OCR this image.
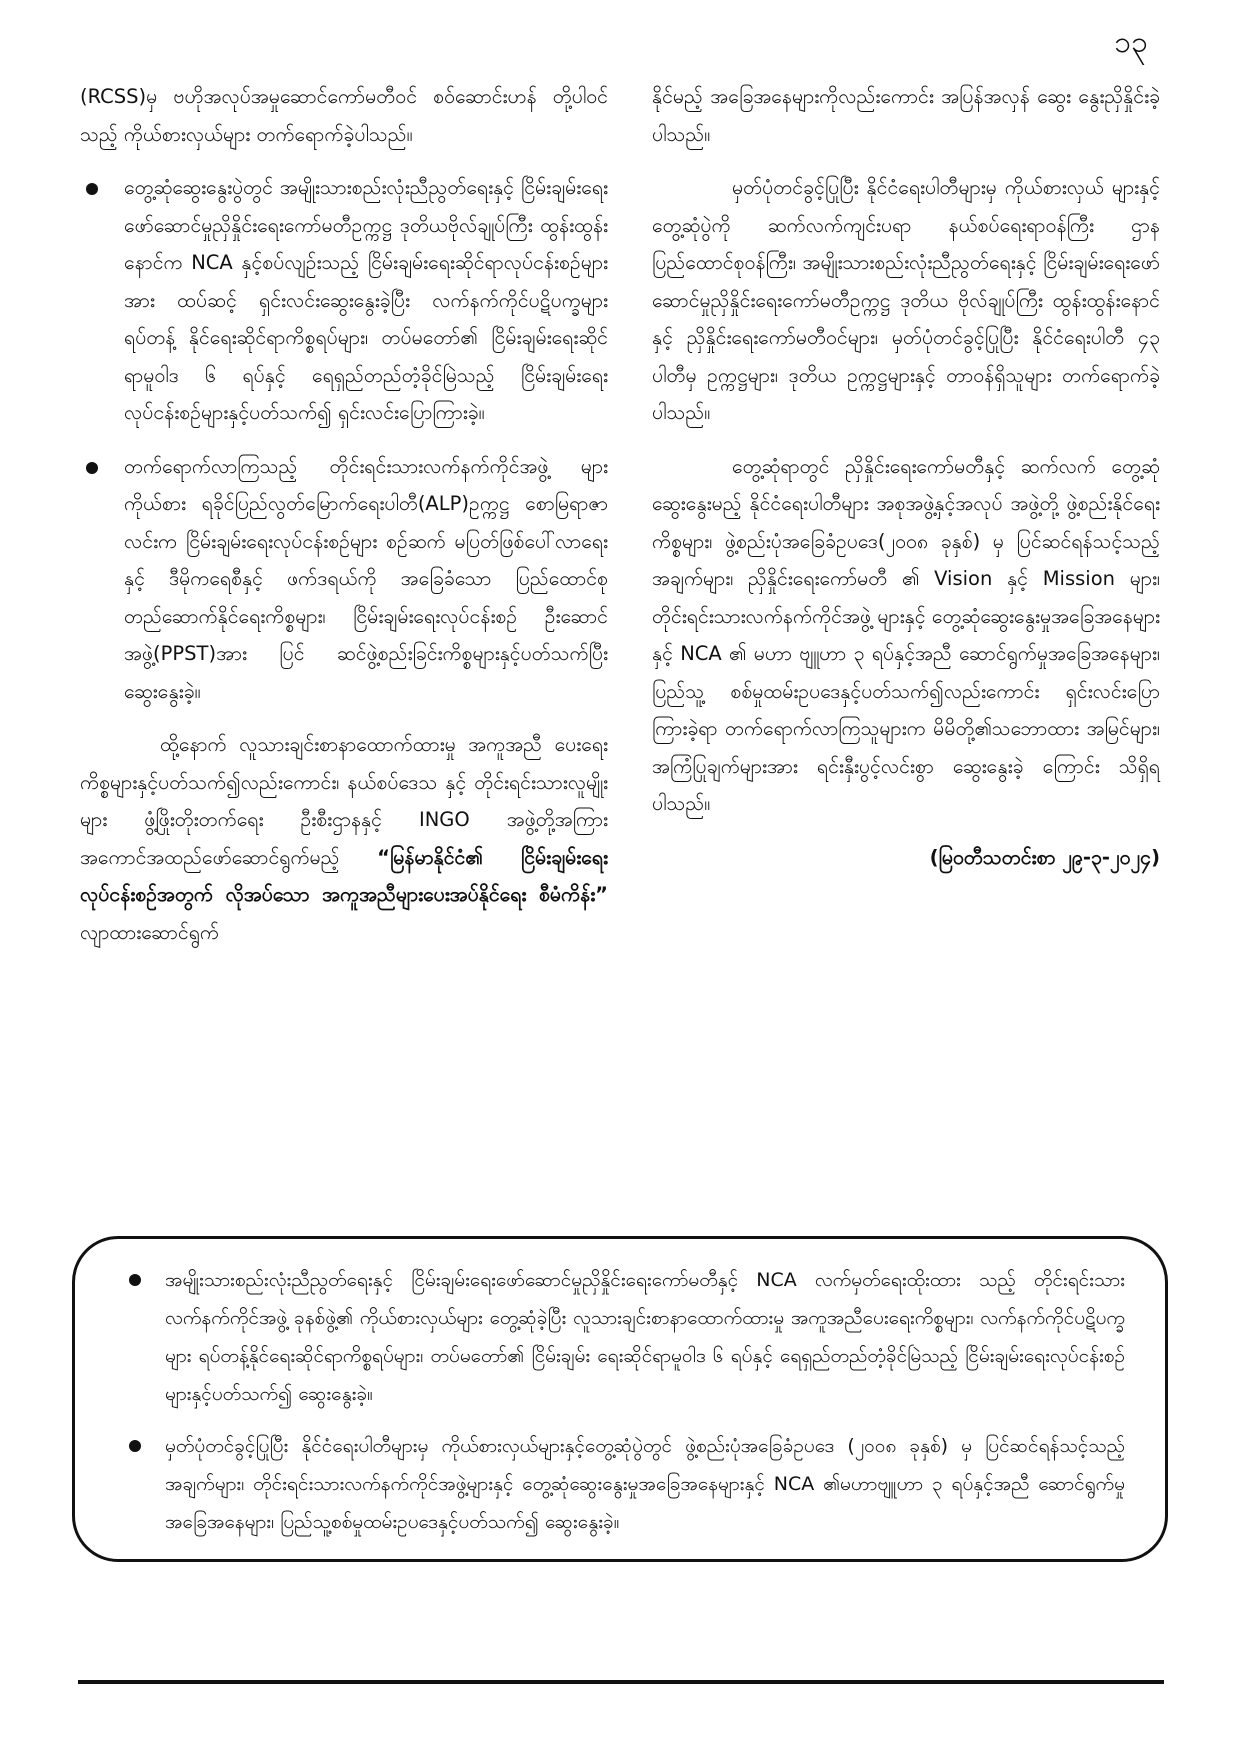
၁၃

(RCSS)မှ ဗဟိုအလုပ်အမှုဆောင်ကော်မတီဝင် စဝ်ဆောင်းဟန် တို့ပါဝင်သည့် ကိုယ်စားလှယ်များ တက်ရောက်ခဲ့ပါသည်။

တွေ့ဆုံဆွေးနွေးပွဲတွင် အမျိုးသားစည်းလုံးညီညွတ်ရေးနှင့် ငြိမ်းချမ်းရေးဖော်ဆောင်မှုညှိနှိုင်းရေးကော်မတီဥက္ကဋ္ဌ ဒုတိယဗိုလ်ချုပ်ကြီး ထွန်းထွန်းနောင်က NCA နှင့်စပ်လျဉ်းသည့် ငြိမ်းချမ်းရေးဆိုင်ရာလုပ်ငန်းစဉ်များအား ထပ်ဆင့် ရှင်းလင်းဆွေးနွေးခဲ့ပြီး လက်နက်ကိုင်ပဋိပက္ခများ ရပ်တန့် နိုင်ရေးဆိုင်ရာကိစ္စရပ်များ၊ တပ်မတော်၏ ငြိမ်းချမ်းရေးဆိုင် ရာမူဝါဒ ၆ ရပ်နှင့် ရေရှည်တည်တံ့ခိုင်မြဲသည့် ငြိမ်းချမ်းရေး လုပ်ငန်းစဉ်များနှင့်ပတ်သက်၍ ရှင်းလင်းပြောကြားခဲ့။
တက်ရောက်လာကြသည့် တိုင်းရင်းသားလက်နက်ကိုင်အဖွဲ့ များကိုယ်စား ရခိုင်ပြည်လွတ်မြောက်ရေးပါတီ(ALP)ဥက္ကဋ္ဌ စောမြရာဇာလင်းက ငြိမ်းချမ်းရေးလုပ်ငန်းစဉ်များ စဉ်ဆက် မပြတ်ဖြစ်ပေါ်လာရေးနှင့် ဒီမိုကရေစီနှင့် ဖက်ဒရယ်ကို အခြေခံသော ပြည်ထောင်စုတည်ဆောက်နိုင်ရေးကိစ္စများ၊ ငြိမ်းချမ်းရေးလုပ်ငန်းစဉ် ဦးဆောင်အဖွဲ့(PPST)အား ပြင် ဆင်ဖွဲ့စည်းခြင်းကိစ္စများနှင့်ပတ်သက်ပြီး ဆွေးနွေးခဲ့။

ထို့နောက် လူသားချင်းစာနာထောက်ထားမှု အကူအညီ ပေးရေးကိစ္စများနှင့်ပတ်သက်၍လည်းကောင်း၊ နယ်စပ်ဒေသ နှင့် တိုင်းရင်းသားလူမျိုးများ ဖွံ့ဖြိုးတိုးတက်ရေး ဦးစီးဌာနနှင့် INGO အဖွဲ့တို့အကြား အကောင်အထည်ဖော်ဆောင်ရွက်မည့် “မြန်မာနိုင်ငံ၏ ငြိမ်းချမ်းရေးလုပ်ငန်းစဉ်အတွက် လိုအပ်သော အကူအညီများပေးအပ်နိုင်ရေး စီမံကိန်း” လျာထားဆောင်ရွက်

နိုင်မည့် အခြေအနေများကိုလည်းကောင်း အပြန်အလှန် ဆွေး နွေးညှိနှိုင်းခဲ့ပါသည်။

မှတ်ပုံတင်ခွင့်ပြုပြီး နိုင်ငံရေးပါတီများမှ ကိုယ်စားလှယ် များနှင့်တွေ့ဆုံပွဲကို ဆက်လက်ကျင်းပရာ နယ်စပ်ရေးရာဝန်ကြီး ဌာန ပြည်ထောင်စုဝန်ကြီး၊ အမျိုးသားစည်းလုံးညီညွတ်ရေးနှင့် ငြိမ်းချမ်းရေးဖော်ဆောင်မှုညှိနှိုင်းရေးကော်မတီဥက္ကဋ္ဌ ဒုတိယ ဗိုလ်ချုပ်ကြီး ထွန်းထွန်းနောင်နှင့် ညှိနှိုင်းရေးကော်မတီဝင်များ၊ မှတ်ပုံတင်ခွင့်ပြုပြီး နိုင်ငံရေးပါတီ ၄၃ ပါတီမှ ဥက္ကဋ္ဌများ၊ ဒုတိယ ဥက္ကဋ္ဌများနှင့် တာဝန်ရှိသူများ တက်ရောက်ခဲ့ပါသည်။

တွေ့ဆုံရာတွင် ညှိနှိုင်းရေးကော်မတီနှင့် ဆက်လက် တွေ့ဆုံဆွေးနွေးမည့် နိုင်ငံရေးပါတီများ အစုအဖွဲ့နှင့်အလုပ် အဖွဲ့တို့ ဖွဲ့စည်းနိုင်ရေးကိစ္စများ၊ ဖွဲ့စည်းပုံအခြေခံဥပဒေ(၂၀၀၈ ခုနှစ်) မှ ပြင်ဆင်ရန်သင့်သည့်အချက်များ၊ ညှိနှိုင်းရေးကော်မတီ ၏ Vision နှင့် Mission များ၊ တိုင်းရင်းသားလက်နက်ကိုင်အဖွဲ့ များနှင့် တွေ့ဆုံဆွေးနွေးမှုအခြေအနေများနှင့် NCA ၏ မဟာ ဗျူဟာ ၃ ရပ်နှင့်အညီ ဆောင်ရွက်မှုအခြေအနေများ၊ ပြည်သူ့ စစ်မှုထမ်းဥပဒေနှင့်ပတ်သက်၍လည်းကောင်း ရှင်းလင်းပြော ကြားခဲ့ရာ တက်ရောက်လာကြသူများက မိမိတို့၏သဘောထား အမြင်များ၊ အကြံပြုချက်များအား ရင်းနှီးပွင့်လင်းစွာ ဆွေးနွေးခဲ့ ကြောင်း သိရှိရပါသည်။

(မြဝတီသတင်းစာ ၂၉-၃-၂၀၂၄)

အမျိုးသားစည်းလုံးညီညွတ်ရေးနှင့် ငြိမ်းချမ်းရေးဖော်ဆောင်မှုညှိနှိုင်းရေးကော်မတီနှင့် NCA လက်မှတ်ရေးထိုးထား သည့် တိုင်းရင်းသားလက်နက်ကိုင်အဖွဲ့ ခုနစ်ဖွဲ့၏ ကိုယ်စားလှယ်များ တွေ့ဆုံခဲ့ပြီး လူသားချင်းစာနာထောက်ထားမှု အကူအညီပေးရေးကိစ္စများ၊ လက်နက်ကိုင်ပဋိပက္ခများ ရပ်တန့်နိုင်ရေးဆိုင်ရာကိစ္စရပ်များ၊ တပ်မတော်၏ ငြိမ်းချမ်း ရေးဆိုင်ရာမူဝါဒ ၆ ရပ်နှင့် ရေရှည်တည်တံ့ခိုင်မြဲသည့် ငြိမ်းချမ်းရေးလုပ်ငန်းစဉ်များနှင့်ပတ်သက်၍ ဆွေးနွေးခဲ့။
မှတ်ပုံတင်ခွင့်ပြုပြီး နိုင်ငံရေးပါတီများမှ ကိုယ်စားလှယ်များနှင့်တွေ့ဆုံပွဲတွင် ဖွဲ့စည်းပုံအခြေခံဥပဒေ (၂၀၀၈ ခုနှစ်) မှ ပြင်ဆင်ရန်သင့်သည့်အချက်များ၊ တိုင်းရင်းသားလက်နက်ကိုင်အဖွဲ့များနှင့် တွေ့ဆုံဆွေးနွေးမှုအခြေအနေများနှင့် NCA ၏မဟာဗျူဟာ ၃ ရပ်နှင့်အညီ ဆောင်ရွက်မှုအခြေအနေများ၊ ပြည်သူ့စစ်မှုထမ်းဥပဒေနှင့်ပတ်သက်၍ ဆွေးနွေးခဲ့။
